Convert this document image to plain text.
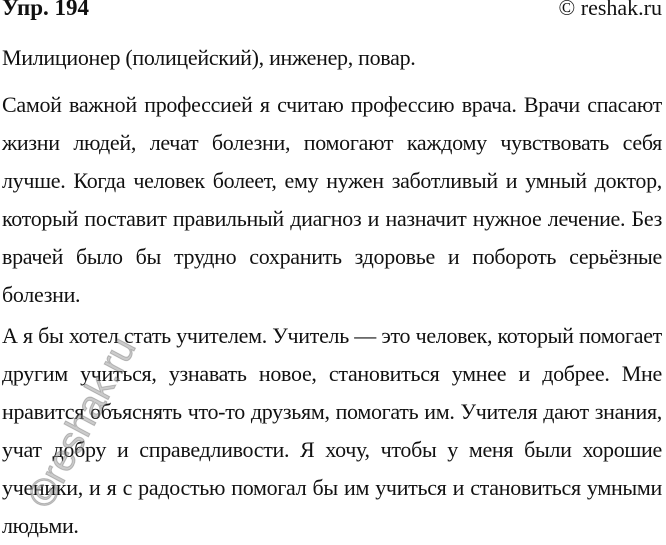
Упр. 194	© reshak.ru
Милиционер (полицейский), инженер, повар.
Самой важной профессией я считаю профессию врача. Врачи спасают
жизни людей, лечат болезни, помогают каждому чувствовать себя
лучше. Когда человек болеет, ему нужен заботливый и умный доктор,
который поставит правильный диагноз и назначит нужное лечение. Без
врачей было бы трудно сохранить здоровье и побороть серьёзные
болезни.
А я бы хотел стать учителем. Учитель — это человек, который помогает
другим учиться, узнавать новое, становиться умнее и добрее. Мне
нравится объяснять что-то друзьям, помогать им. Учителя дают знания,
учат добру и справедливости. Я хочу, чтобы у меня были хорошие
ученики, и я с радостью помогал бы им учиться и становиться умными
людьми.
©reshak.ru
